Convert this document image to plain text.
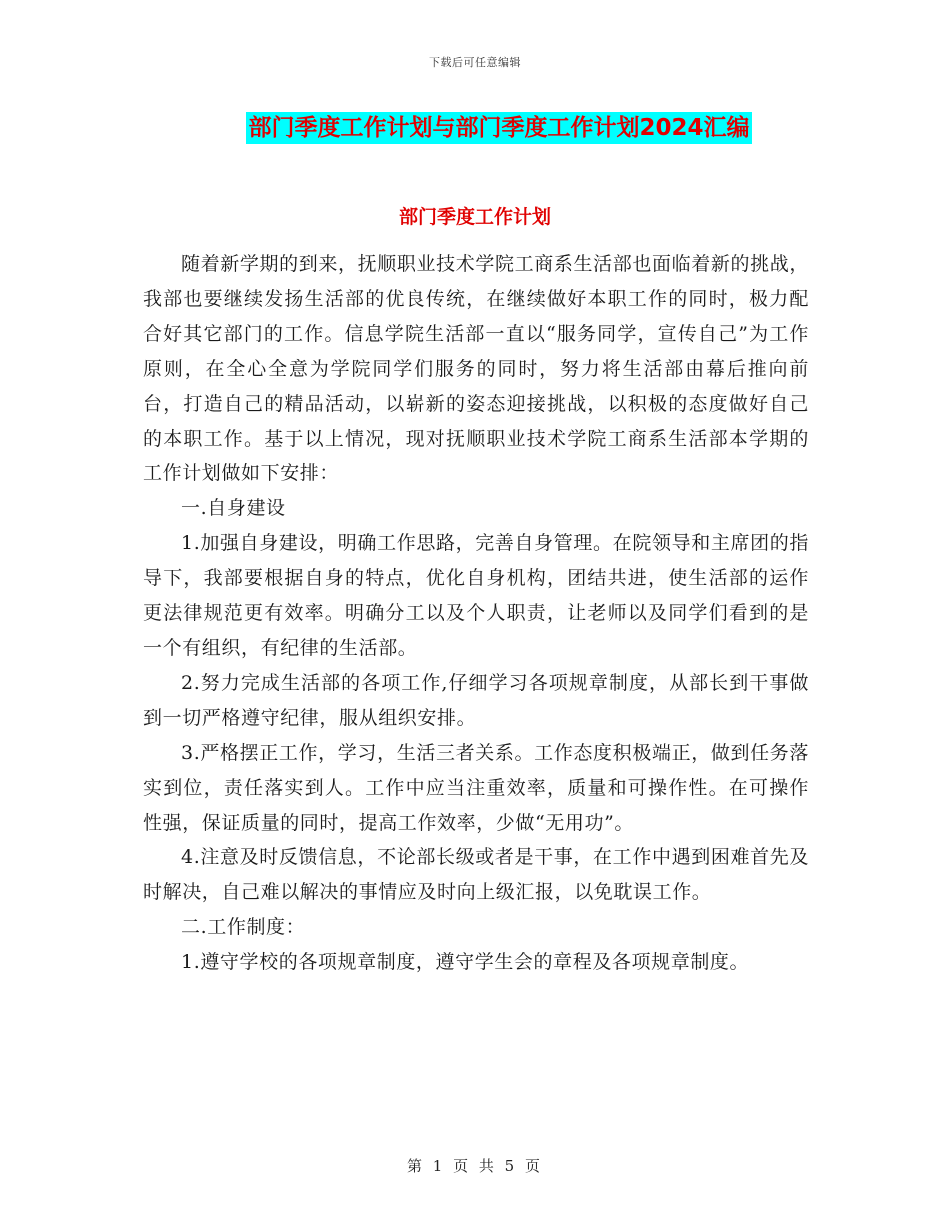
下载后可任意编辑
部门季度工作计划与部门季度工作计划2024汇编
部门季度工作计划

随着新学期的到来，抚顺职业技术学院工商系生活部也面临着新的挑战，我部也要继续发扬生活部的优良传统，在继续做好本职工作的同时，极力配合好其它部门的工作。信息学院生活部一直以“服务同学，宣传自己”为工作原则，在全心全意为学院同学们服务的同时，努力将生活部由幕后推向前台，打造自己的精品活动，以崭新的姿态迎接挑战，以积极的态度做好自己的本职工作。基于以上情况，现对抚顺职业技术学院工商系生活部本学期的工作计划做如下安排：

一.自身建设

1.加强自身建设，明确工作思路，完善自身管理。在院领导和主席团的指导下，我部要根据自身的特点，优化自身机构，团结共进，使生活部的运作更法律规范更有效率。明确分工以及个人职责，让老师以及同学们看到的是一个有组织，有纪律的生活部。

2.努力完成生活部的各项工作,仔细学习各项规章制度，从部长到干事做到一切严格遵守纪律，服从组织安排。

3.严格摆正工作，学习，生活三者关系。工作态度积极端正，做到任务落实到位，责任落实到人。工作中应当注重效率，质量和可操作性。在可操作性强，保证质量的同时，提高工作效率，少做“无用功”。

4.注意及时反馈信息，不论部长级或者是干事，在工作中遇到困难首先及时解决，自己难以解决的事情应及时向上级汇报，以免耽误工作。

二.工作制度：

1.遵守学校的各项规章制度，遵守学生会的章程及各项规章制度。

第 1 页 共 5 页
